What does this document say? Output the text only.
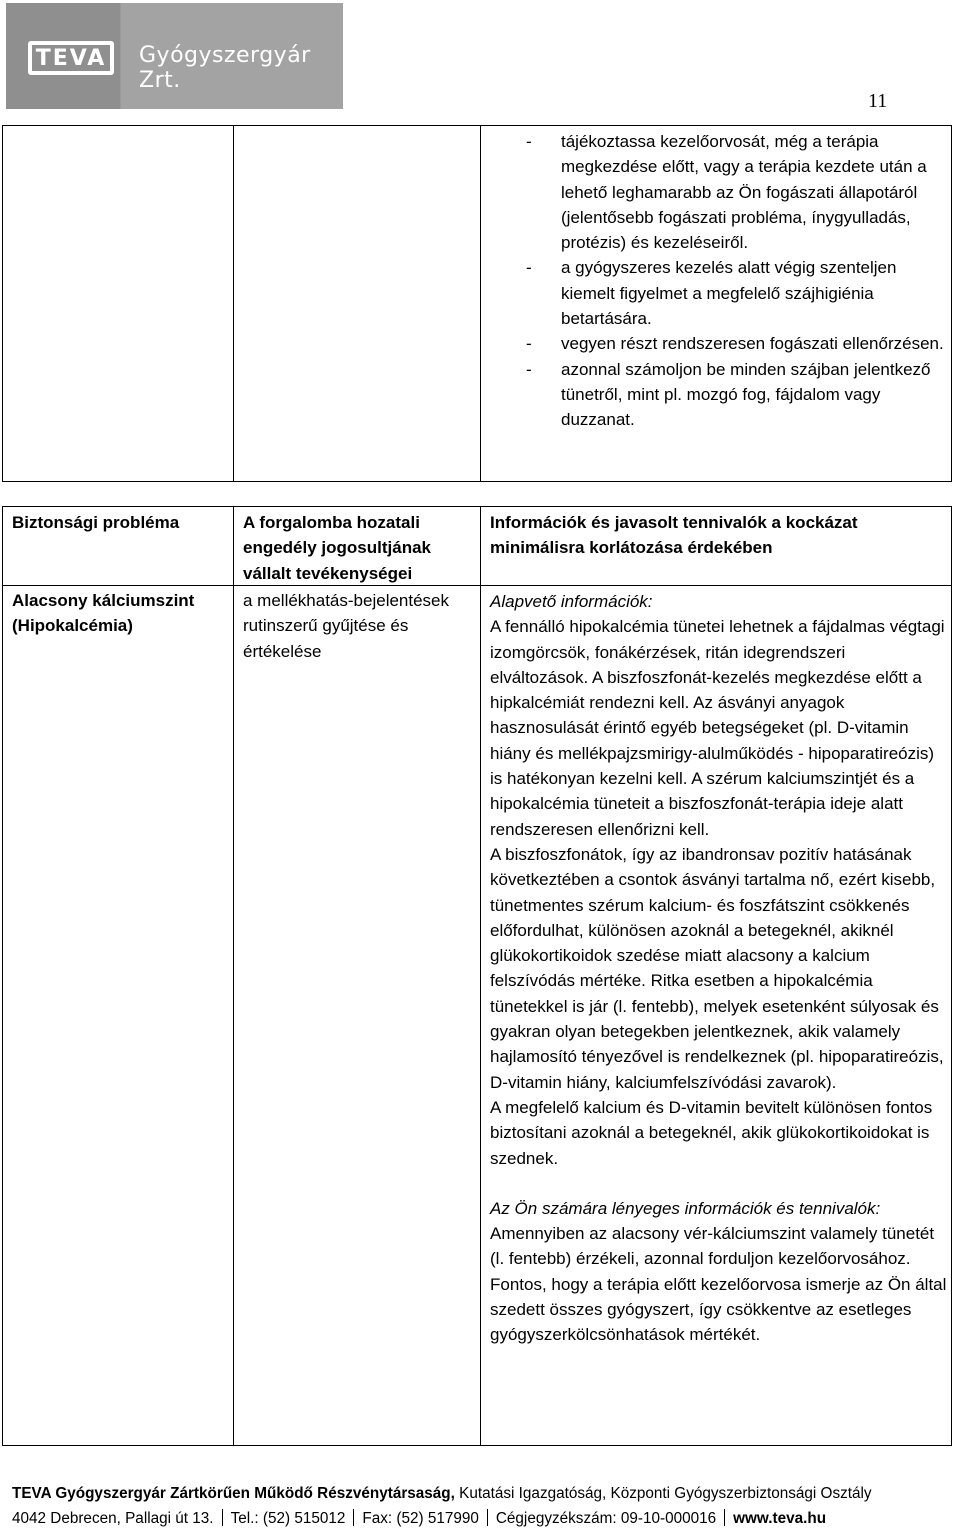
TEVA	Gyógyszergyár Zrt.
11
- tájékoztassa kezelőorvosát, még a terápia megkezdése előtt, vagy a terápia kezdete után a lehető leghamarabb az Ön fogászati állapotáról (jelentősebb fogászati probléma, ínygyulladás, protézis) és kezeléseiről.
- a gyógyszeres kezelés alatt végig szenteljen kiemelt figyelmet a megfelelő szájhigiénia betartására.
- vegyen részt rendszeresen fogászati ellenőrzésen.
- azonnal számoljon be minden szájban jelentkező tünetről, mint pl. mozgó fog, fájdalom vagy duzzanat.
Biztonsági probléma	A forgalomba hozatali engedély jogosultjának vállalt tevékenységei
Információk és javasolt tennivalók a kockázat minimálisra korlátozása érdekében
Alacsony kálciumszint (Hipokalcémia)
a mellékhatás-bejelentések rutinszerű gyűjtése és értékelése
Alapvető információk:
A fennálló hipokalcémia tünetei lehetnek a fájdalmas végtagi izomgörcsök, fonákérzések, ritán idegrendszeri elváltozások. A biszfoszfonát-kezelés megkezdése előtt a hipkalcémiát rendezni kell. Az ásványi anyagok hasznosulását érintő egyéb betegségeket (pl. D-vitamin hiány és mellékpajzsmirigy-alulműködés - hipoparatireózis) is hatékonyan kezelni kell. A szérum kalciumszintjét és a hipokalcémia tüneteit a biszfoszfonát-terápia ideje alatt rendszeresen ellenőrizni kell.
A biszfoszfonátok, így az ibandronsav pozitív hatásának következtében a csontok ásványi tartalma nő, ezért kisebb, tünetmentes szérum kalcium- és foszfátszint csökkenés előfordulhat, különösen azoknál a betegeknél, akiknél glükokortikoidok szedése miatt alacsony a kalcium felszívódás mértéke. Ritka esetben a hipokalcémia tünetekkel is jár (l. fentebb), melyek esetenként súlyosak és gyakran olyan betegekben jelentkeznek, akik valamely hajlamosító tényezővel is rendelkeznek (pl. hipoparatireózis, D-vitamin hiány, kalciumfelszívódási zavarok).
A megfelelő kalcium és D-vitamin bevitelt különösen fontos biztosítani azoknál a betegeknél, akik glükokortikoidokat is szednek.
Az Ön számára lényeges információk és tennivalók:
Amennyiben az alacsony vér-kálciumszint valamely tünetét (l. fentebb) érzékeli, azonnal forduljon kezelőorvosához. Fontos, hogy a terápia előtt kezelőorvosa ismerje az Ön által szedett összes gyógyszert, így csökkentve az esetleges gyógyszerkölcsönhatások mértékét.
TEVA Gyógyszergyár Zártkörűen Működő Részvénytársaság, Kutatási Igazgatóság, Központi Gyógyszerbiztonsági Osztály
4042 Debrecen, Pallagi út 13. Tel.: (52) 515012 Fax: (52) 517990 Cégjegyzékszám: 09-10-000016 www.teva.hu
